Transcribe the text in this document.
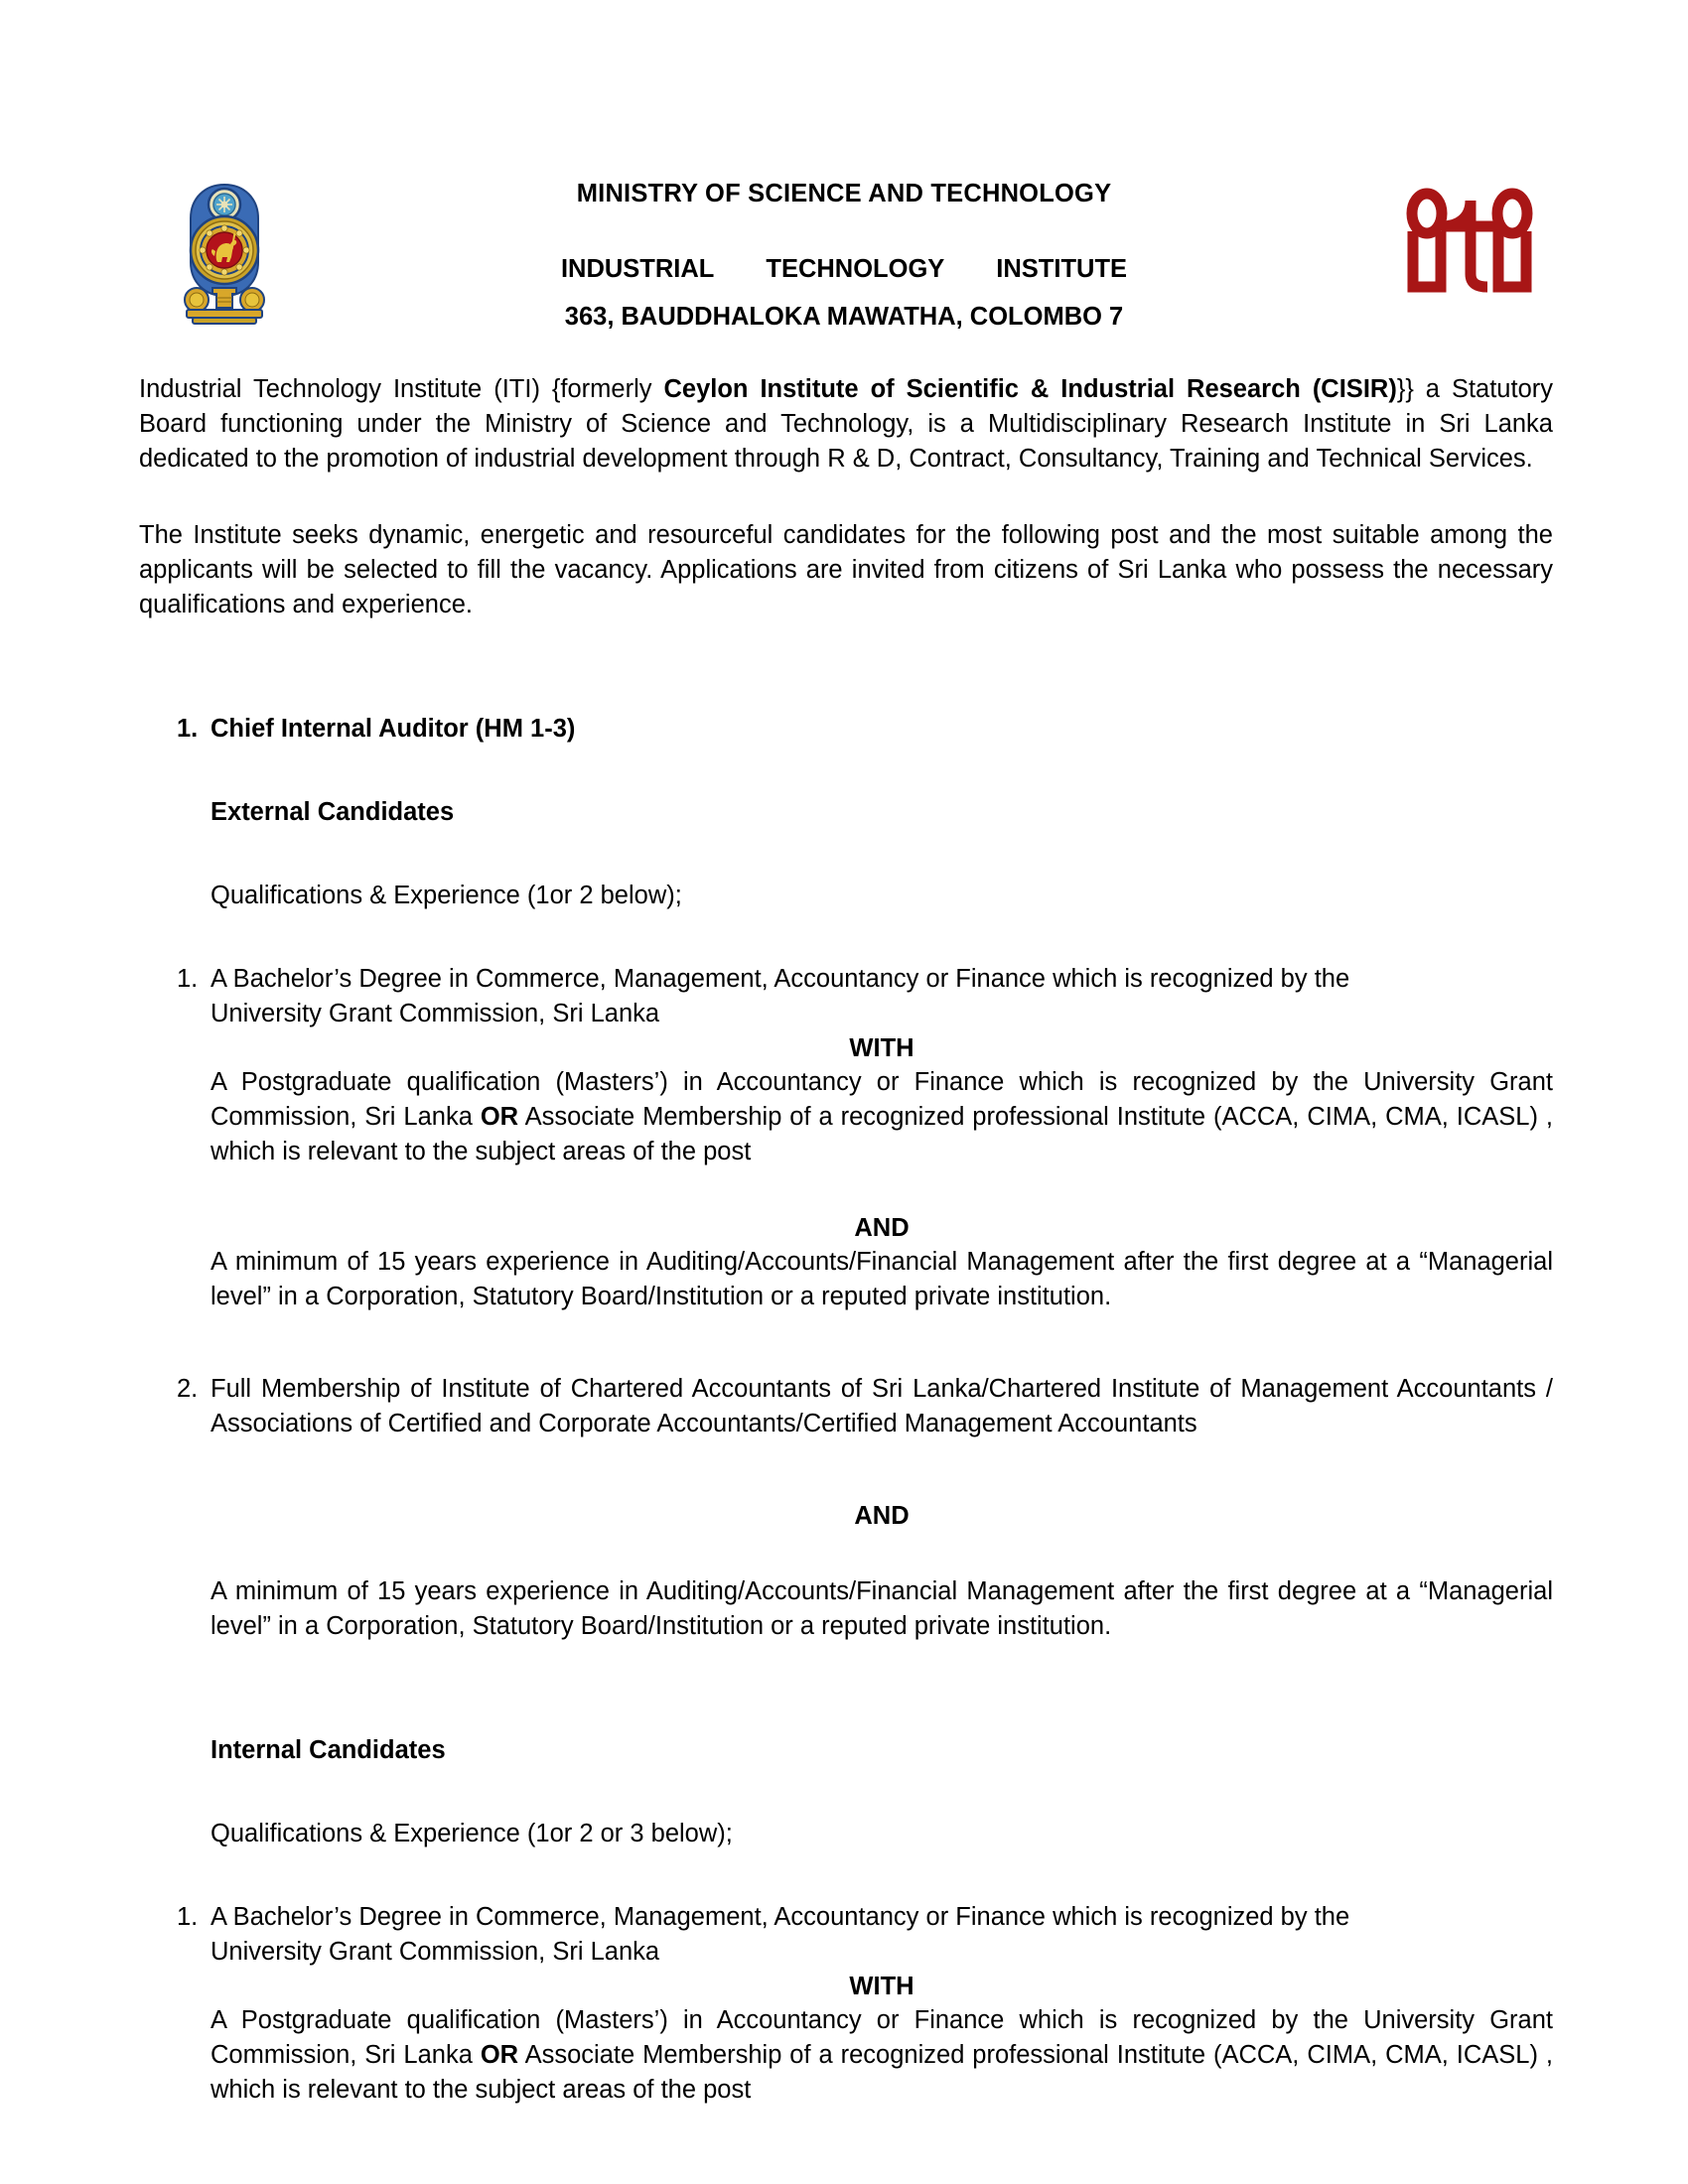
MINISTRY OF SCIENCE AND TECHNOLOGY
INDUSTRIAL TECHNOLOGY INSTITUTE
363, BAUDDHALOKA MAWATHA, COLOMBO 7

Industrial Technology Institute (ITI) {formerly Ceylon Institute of Scientific & Industrial Research (CISIR)}} a Statutory Board functioning under the Ministry of Science and Technology, is a Multidisciplinary Research Institute in Sri Lanka dedicated to the promotion of industrial development through R & D, Contract, Consultancy, Training and Technical Services.

The Institute seeks dynamic, energetic and resourceful candidates for the following post and the most suitable among the applicants will be selected to fill the vacancy. Applications are invited from citizens of Sri Lanka who possess the necessary qualifications and experience.

1. Chief Internal Auditor (HM 1-3)
External Candidates
Qualifications & Experience (1or 2 below);
1. A Bachelor’s Degree in Commerce, Management, Accountancy or Finance which is recognized by the
University Grant Commission, Sri Lanka
WITH
A Postgraduate qualification (Masters’) in Accountancy or Finance which is recognized by the University Grant Commission, Sri Lanka OR Associate Membership of a recognized professional Institute (ACCA, CIMA, CMA, ICASL) , which is relevant to the subject areas of the post
AND
A minimum of 15 years experience in Auditing/Accounts/Financial Management after the first degree at a “Managerial level” in a Corporation, Statutory Board/Institution or a reputed private institution.
2. Full Membership of Institute of Chartered Accountants of Sri Lanka/Chartered Institute of Management Accountants / Associations of Certified and Corporate Accountants/Certified Management Accountants
AND
A minimum of 15 years experience in Auditing/Accounts/Financial Management after the first degree at a “Managerial level” in a Corporation, Statutory Board/Institution or a reputed private institution.
Internal Candidates
Qualifications & Experience (1or 2 or 3 below);
1. A Bachelor’s Degree in Commerce, Management, Accountancy or Finance which is recognized by the
University Grant Commission, Sri Lanka
WITH
A Postgraduate qualification (Masters’) in Accountancy or Finance which is recognized by the University Grant Commission, Sri Lanka OR Associate Membership of a recognized professional Institute (ACCA, CIMA, CMA, ICASL) , which is relevant to the subject areas of the post
